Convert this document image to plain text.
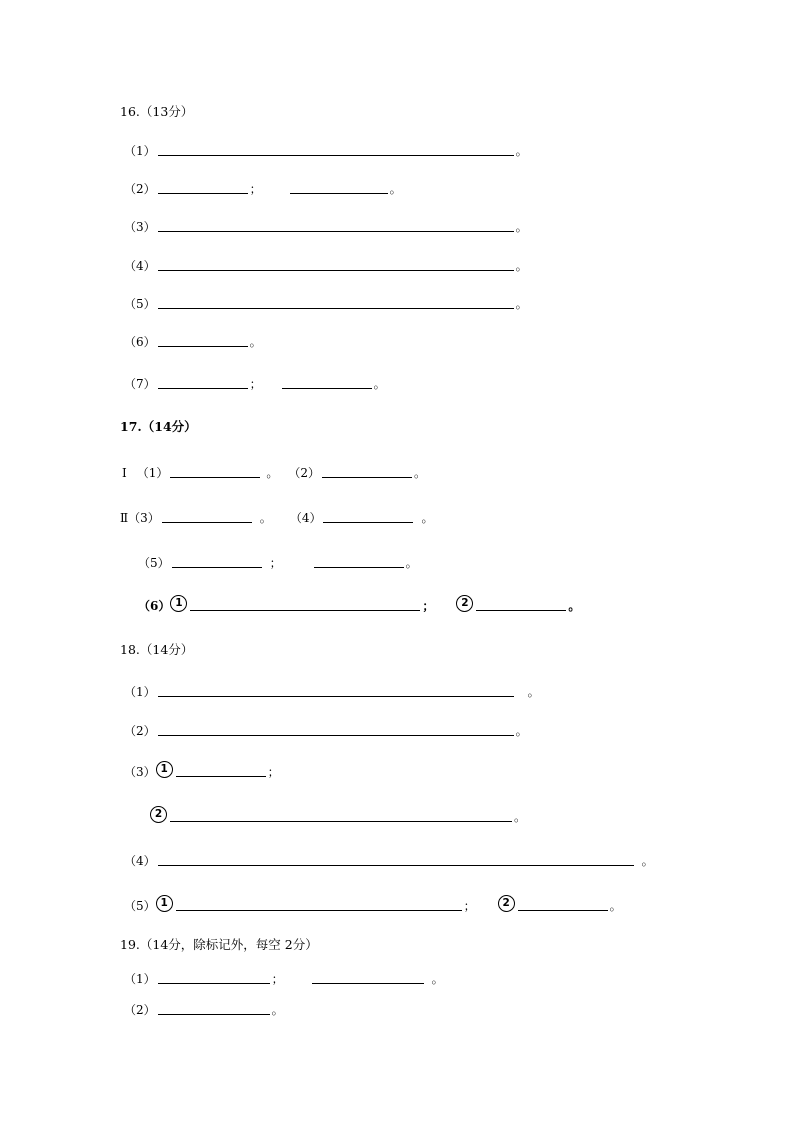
16.（13分）
（1）	。
（2）	；	。
（3）	。
（4）	。
（5）	。
（6）	。
（7）	；	。
17.（14分）
Ⅰ （1）	。 （2）	。
Ⅱ （3）	。 （4）	。
（5）	；	。
（6） 1	；	2	。
18.（14分）
（1）	。
（2）	。
（3） 1	；
2	。
（4）	。
（5） 1	；	2	。
19.（14分，除标记外，每空 2分）
（1）	；	。
（2）	。
